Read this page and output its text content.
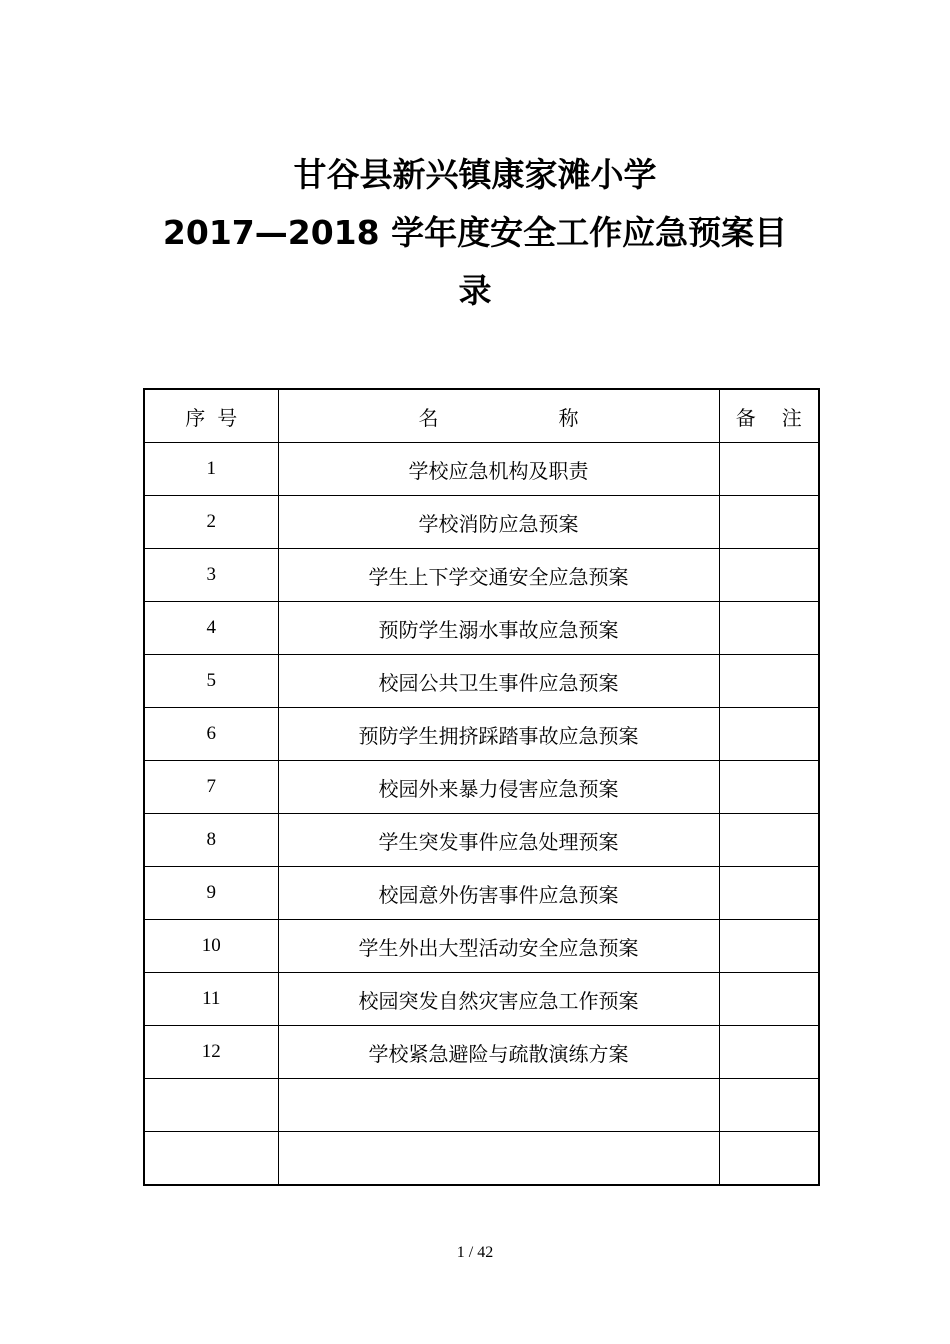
甘谷县新兴镇康家滩小学
2017—2018 学年度安全工作应急预案目
录
序号	名 称	备 注
1	学校应急机构及职责	
2	学校消防应急预案	
3	学生上下学交通安全应急预案	
4	预防学生溺水事故应急预案	
5	校园公共卫生事件应急预案	
6	预防学生拥挤踩踏事故应急预案	
7	校园外来暴力侵害应急预案	
8	学生突发事件应急处理预案	
9	校园意外伤害事件应急预案	
10	学生外出大型活动安全应急预案	
11	校园突发自然灾害应急工作预案	
12	学校紧急避险与疏散演练方案	

1 / 42
